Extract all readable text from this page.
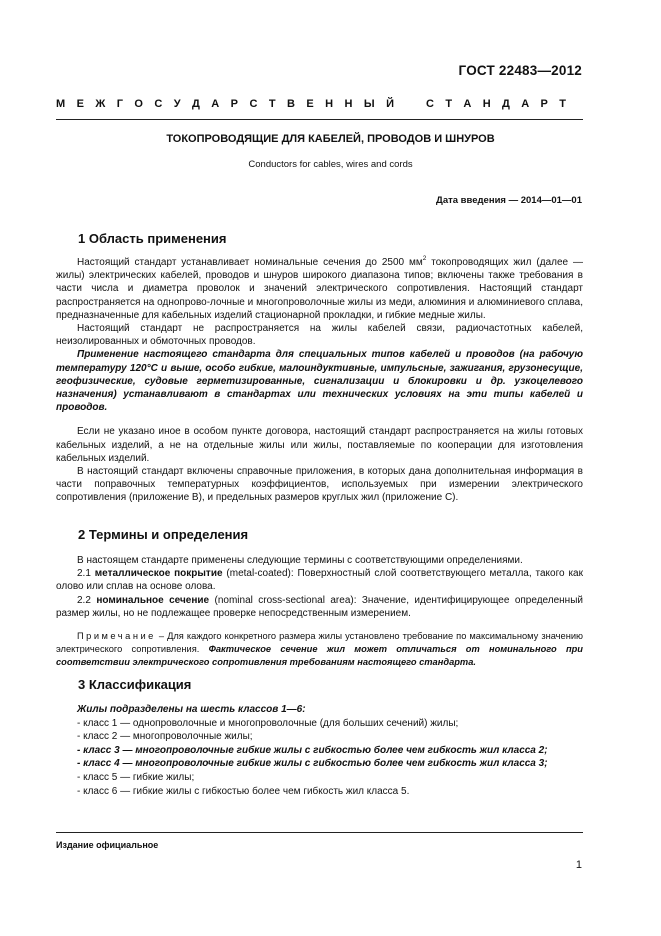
ГОСТ 22483—2012
М Е Ж Г О С У Д А Р С Т В Е Н Н Ы Й	С Т А Н Д А Р Т
ТОКОПРОВОДЯЩИЕ ДЛЯ КАБЕЛЕЙ, ПРОВОДОВ И ШНУРОВ
Conductors for cables, wires and cords
Дата введения — 2014—01—01
1 Область применения

Настоящий стандарт устанавливает номинальные сечения до 2500 $мм^2$ токопроводящих жил (далее — жилы) электрических кабелей, проводов и шнуров широкого диапазона типов; включены также требования в части числа и диаметра проволок и значений электрического сопротивления. Настоящий стандарт распространяется на однопрово-лочные и многопроволочные жилы из меди, алюминия и алюминиевого сплава, предназначенные для кабельных изделий стационарной прокладки, и гибкие медные жилы.

Настоящий стандарт не распространяется на жилы кабелей связи, радиочастотных кабелей, неизолированных и обмоточных проводов.

Применение настоящего стандарта для специальных типов кабелей и проводов (на рабочую температуру 120°С и выше, особо гибкие, малоиндуктивные, импульсные, зажигания, грузонесущие, геофизические, судовые герметизированные, сигнализации и блокировки и др. узкоцелевого назначения) устанавливают в стандартах или технических условиях на эти типы кабелей и проводов.

Если не указано иное в особом пункте договора, настоящий стандарт распространяется на жилы готовых кабельных изделий, а не на отдельные жилы или жилы, поставляемые по кооперации для изготовления кабельных изделий.

В настоящий стандарт включены справочные приложения, в которых дана дополнительная информация в части поправочных температурных коэффициентов, используемых при измерении электрического сопротивления (приложение В), и предельных размеров круглых жил (приложение С).

2 Термины и определения

В настоящем стандарте применены следующие термины с соответствующими определениями.

2.1 металлическое покрытие (metal-coated): Поверхностный слой соответствующего металла, такого как олово или сплав на основе олова.

2.2 номинальное сечение (nominal cross-sectional area): Значение, идентифицирующее определенный размер жилы, но не подлежащее проверке непосредственным измерением.

Примечание – Для каждого конкретного размера жилы установлено требование по максимальному значению электрического сопротивления. Фактическое сечение жил может отличаться от номинального при соответствии электрического сопротивления требованиям настоящего стандарта.

3 Классификация
Жилы подразделены на шесть классов 1—6:
- класс 1 — однопроволочные и многопроволочные (для больших сечений) жилы;
- класс 2 — многопроволочные жилы;
- класс 3 — многопроволочные гибкие жилы с гибкостью более чем гибкость жил класса 2;
- класс 4 — многопроволочные гибкие жилы с гибкостью более чем гибкость жил класса 3;
- класс 5 — гибкие жилы;
- класс 6 — гибкие жилы с гибкостью более чем гибкость жил класса 5.
Издание официальное
1
